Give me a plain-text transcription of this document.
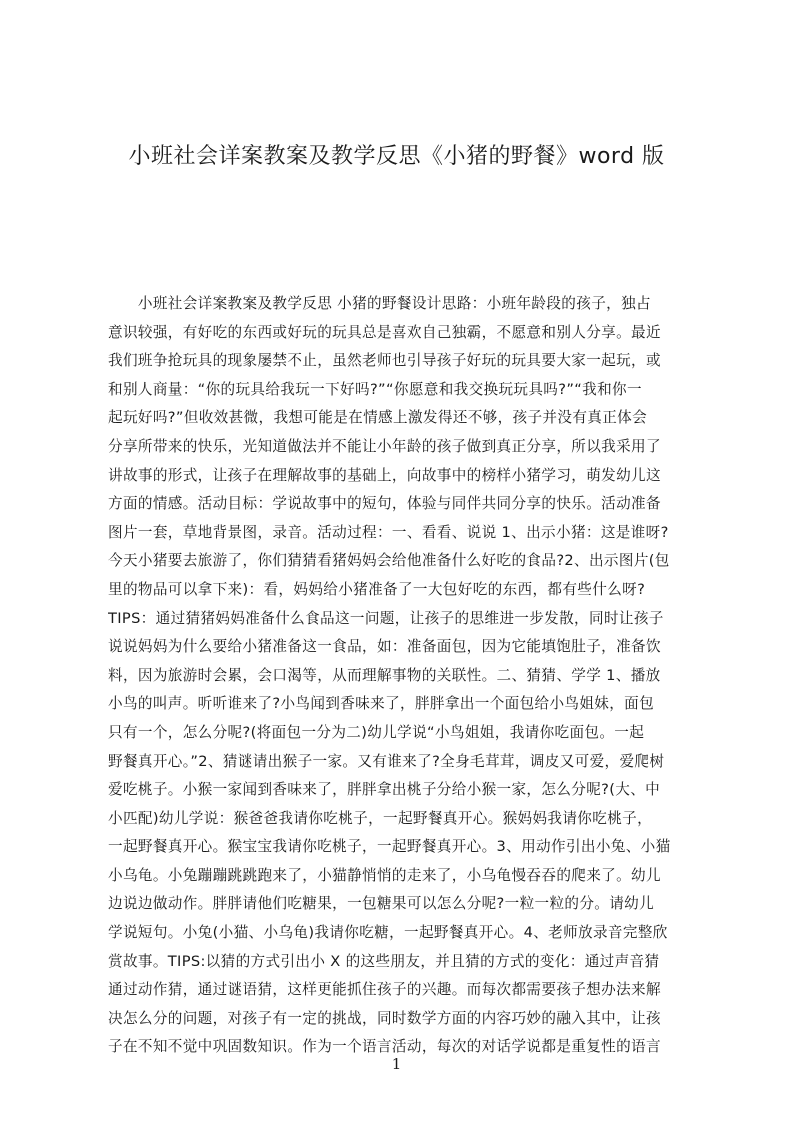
小班社会详案教案及教学反思《小猪的野餐》word 版
　　小班社会详案教案及教学反思 小猪的野餐设计思路：小班年龄段的孩子，独占
意识较强，有好吃的东西或好玩的玩具总是喜欢自己独霸，不愿意和别人分享。最近
我们班争抢玩具的现象屡禁不止，虽然老师也引导孩子好玩的玩具要大家一起玩，或
和别人商量：“你的玩具给我玩一下好吗?”“你愿意和我交换玩玩具吗?”“我和你一
起玩好吗?”但收效甚微，我想可能是在情感上激发得还不够，孩子并没有真正体会
分享所带来的快乐，光知道做法并不能让小年龄的孩子做到真正分享，所以我采用了
讲故事的形式，让孩子在理解故事的基础上，向故事中的榜样小猪学习，萌发幼儿这
方面的情感。活动目标：学说故事中的短句，体验与同伴共同分享的快乐。活动准备
图片一套，草地背景图，录音。活动过程：一、看看、说说 1、出示小猪：这是谁呀?
今天小猪要去旅游了，你们猜猜看猪妈妈会给他准备什么好吃的食品?2、出示图片(包
里的物品可以拿下来)：看，妈妈给小猪准备了一大包好吃的东西，都有些什么呀?
TIPS：通过猜猪妈妈准备什么食品这一问题，让孩子的思维进一步发散，同时让孩子
说说妈妈为什么要给小猪准备这一食品，如：准备面包，因为它能填饱肚子，准备饮
料，因为旅游时会累，会口渴等，从而理解事物的关联性。二、猜猜、学学 1、播放
小鸟的叫声。听听谁来了?小鸟闻到香味来了，胖胖拿出一个面包给小鸟姐妹，面包
只有一个，怎么分呢?(将面包一分为二)幼儿学说“小鸟姐姐，我请你吃面包。一起
野餐真开心。”2、猜谜请出猴子一家。又有谁来了?全身毛茸茸，调皮又可爱，爱爬树
爱吃桃子。小猴一家闻到香味来了，胖胖拿出桃子分给小猴一家，怎么分呢?(大、中
小匹配)幼儿学说：猴爸爸我请你吃桃子，一起野餐真开心。猴妈妈我请你吃桃子，
一起野餐真开心。猴宝宝我请你吃桃子，一起野餐真开心。3、用动作引出小兔、小猫
小乌龟。小兔蹦蹦跳跳跑来了，小猫静悄悄的走来了，小乌龟慢吞吞的爬来了。幼儿
边说边做动作。胖胖请他们吃糖果，一包糖果可以怎么分呢?一粒一粒的分。请幼儿
学说短句。小兔(小猫、小乌龟)我请你吃糖，一起野餐真开心。4、老师放录音完整欣
赏故事。TIPS:以猜的方式引出小 X 的这些朋友，并且猜的方式的变化：通过声音猜
通过动作猜，通过谜语猜，这样更能抓住孩子的兴趣。而每次都需要孩子想办法来解
决怎么分的问题，对孩子有一定的挑战，同时数学方面的内容巧妙的融入其中，让孩
子在不知不觉中巩固数知识。作为一个语言活动，每次的对话学说都是重复性的语言
1
